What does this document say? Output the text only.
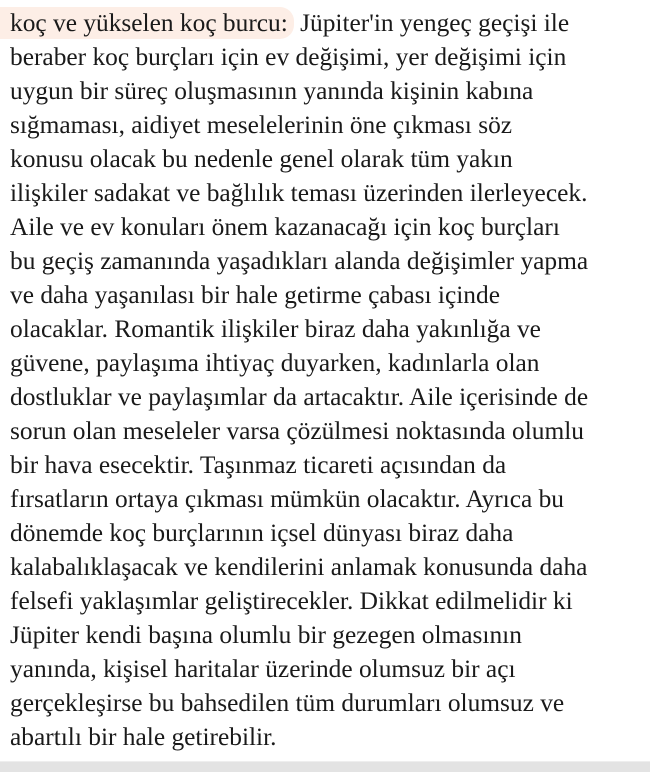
koç ve yükselen koç burcu: Jüpiter'in yengeç geçişi ile
beraber koç burçları için ev değişimi, yer değişimi için
uygun bir süreç oluşmasının yanında kişinin kabına
sığmaması, aidiyet meselelerinin öne çıkması söz
konusu olacak bu nedenle genel olarak tüm yakın
ilişkiler sadakat ve bağlılık teması üzerinden ilerleyecek.
Aile ve ev konuları önem kazanacağı için koç burçları
bu geçiş zamanında yaşadıkları alanda değişimler yapma
ve daha yaşanılası bir hale getirme çabası içinde
olacaklar. Romantik ilişkiler biraz daha yakınlığa ve
güvene, paylaşıma ihtiyaç duyarken, kadınlarla olan
dostluklar ve paylaşımlar da artacaktır. Aile içerisinde de
sorun olan meseleler varsa çözülmesi noktasında olumlu
bir hava esecektir. Taşınmaz ticareti açısından da
fırsatların ortaya çıkması mümkün olacaktır. Ayrıca bu
dönemde koç burçlarının içsel dünyası biraz daha
kalabalıklaşacak ve kendilerini anlamak konusunda daha
felsefi yaklaşımlar geliştirecekler. Dikkat edilmelidir ki
Jüpiter kendi başına olumlu bir gezegen olmasının
yanında, kişisel haritalar üzerinde olumsuz bir açı
gerçekleşirse bu bahsedilen tüm durumları olumsuz ve
abartılı bir hale getirebilir.
